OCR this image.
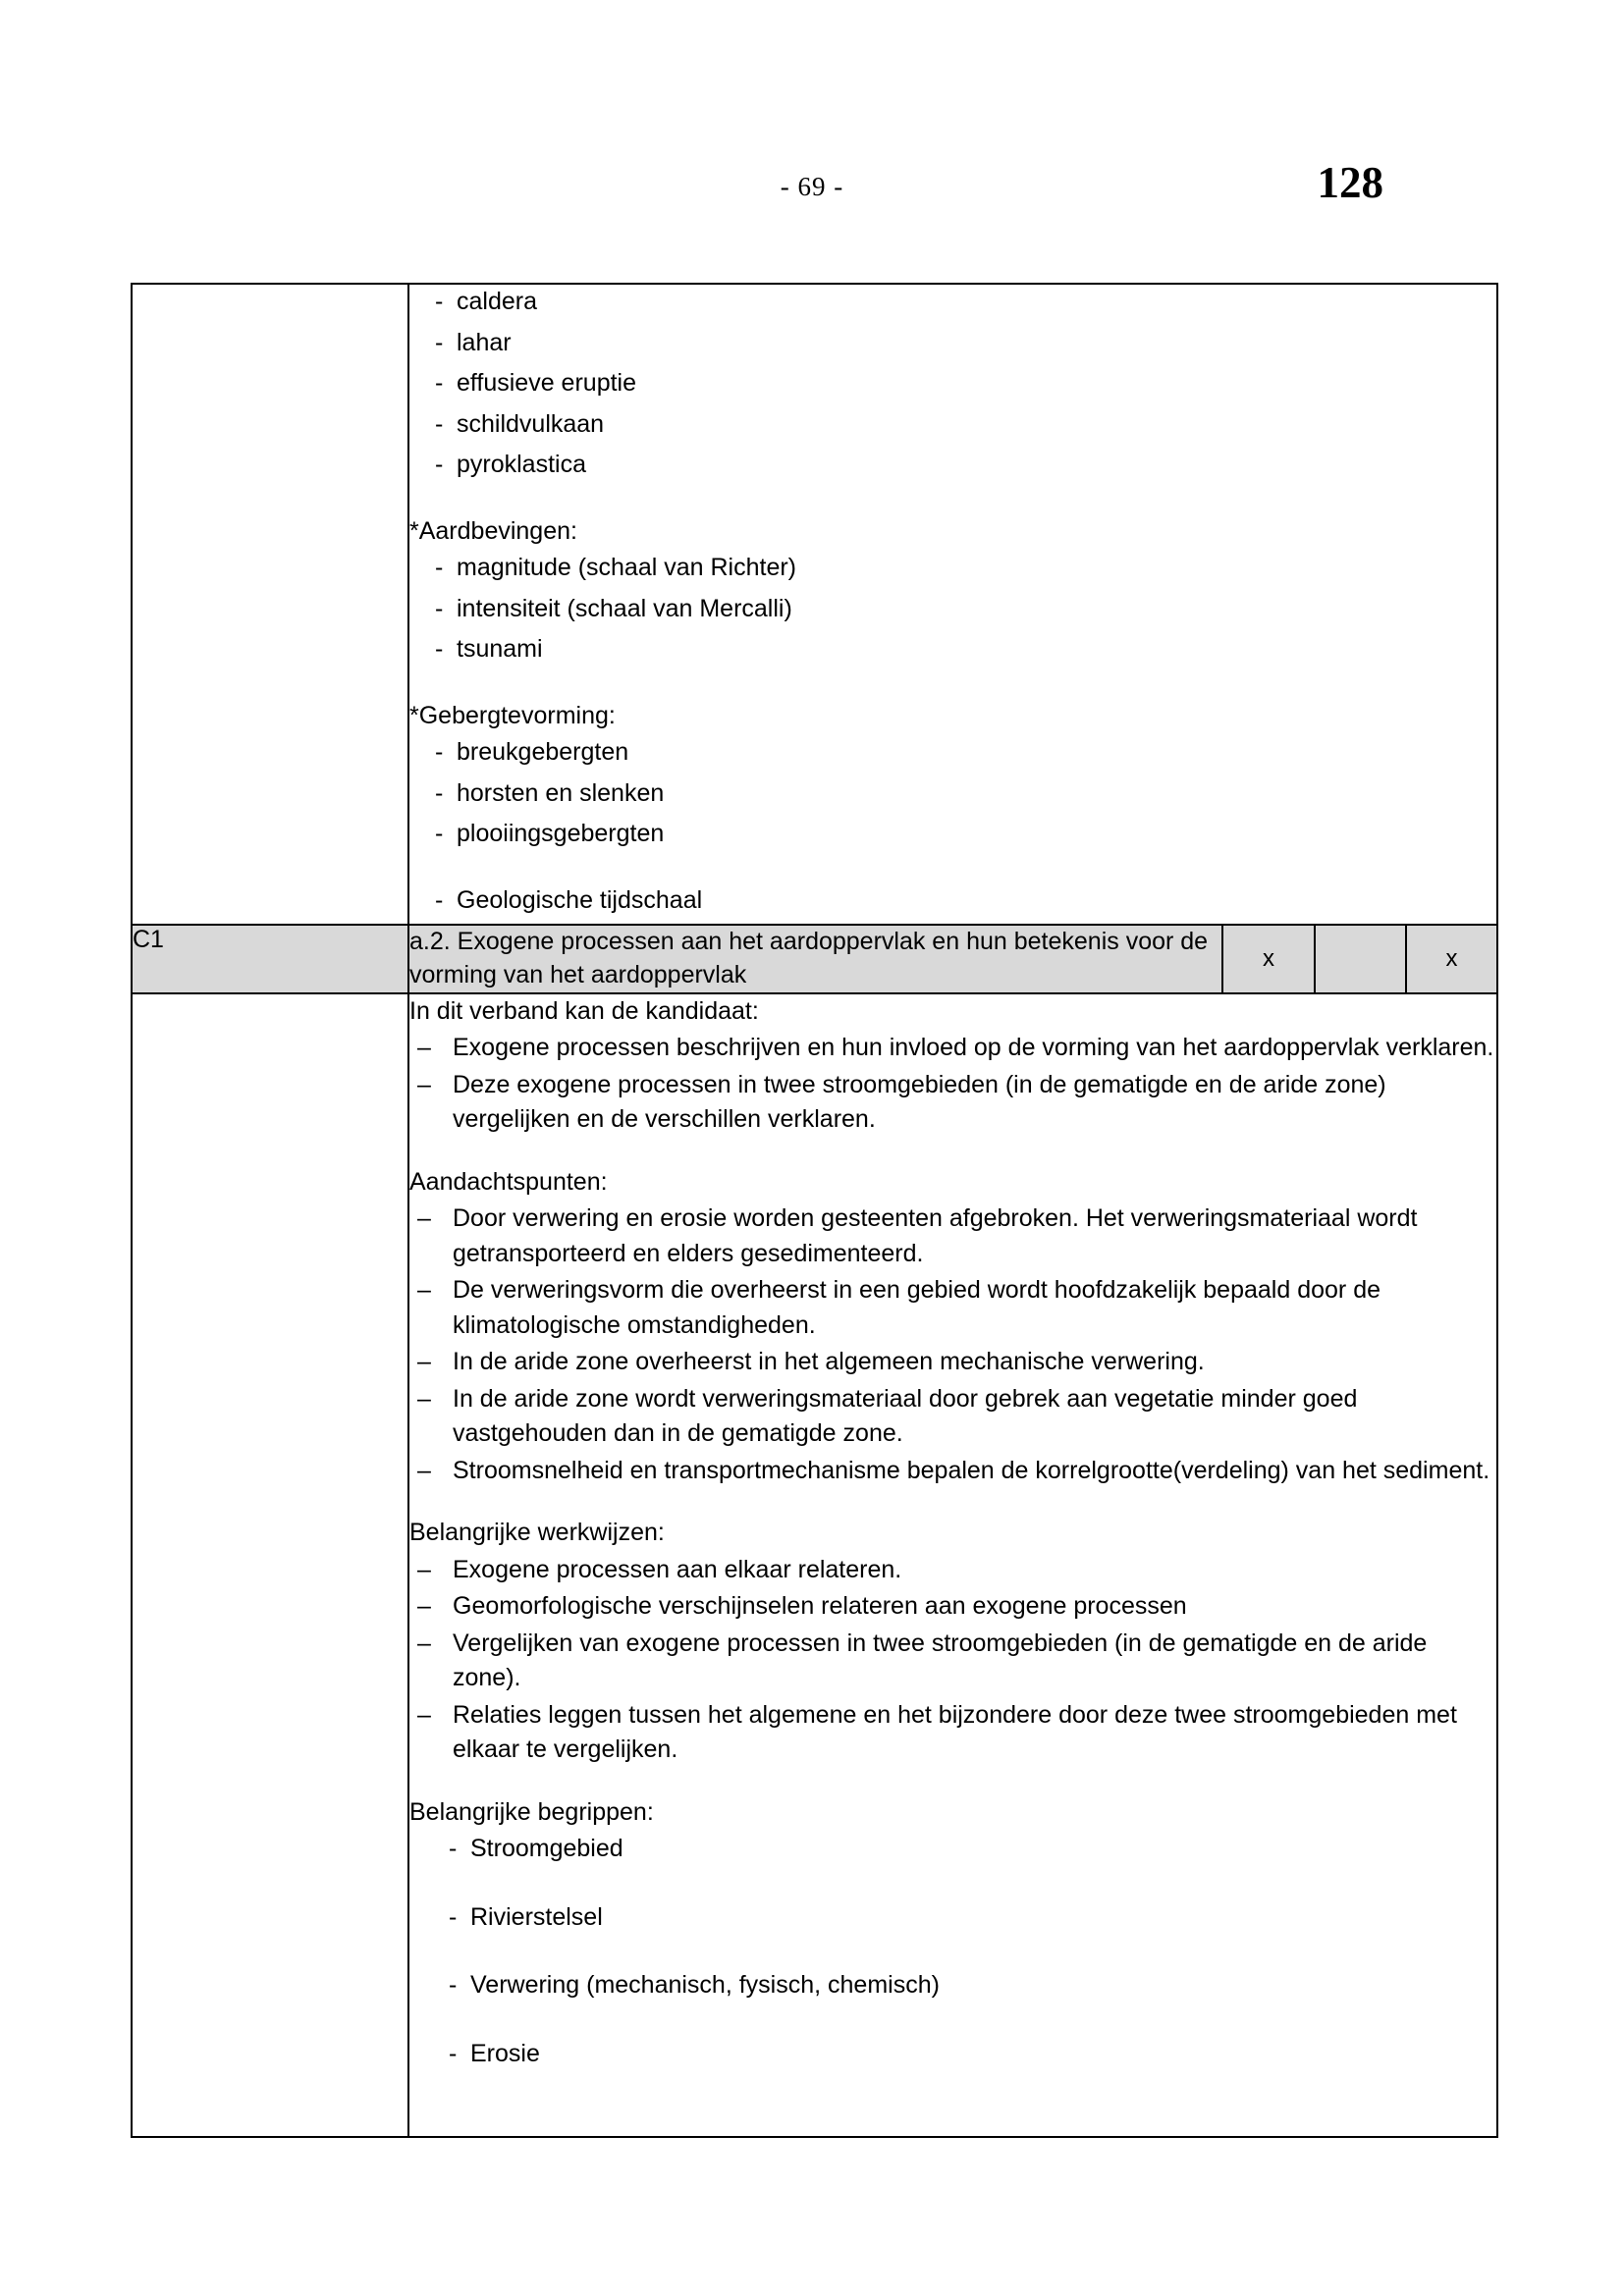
- 69 -	128

- caldera
- lahar
- effusieve eruptie
- schildvulkaan
- pyroklastica
*Aardbevingen:
- magnitude (schaal van Richter)
- intensiteit (schaal van Mercalli)
- tsunami
*Gebergtevorming:
- breukgebergten
- horsten en slenken
- plooiingsgebergten
- Geologische tijdschaal

C1	a.2. Exogene processen aan het aardoppervlak en hun betekenis voor de vorming van het aardoppervlak	x		x

In dit verband kan de kandidaat:
– Exogene processen beschrijven en hun invloed op de vorming van het aardoppervlak verklaren.
– Deze exogene processen in twee stroomgebieden (in de gematigde en de aride zone) vergelijken en de verschillen verklaren.
Aandachtspunten:
– Door verwering en erosie worden gesteenten afgebroken. Het verweringsmateriaal wordt getransporteerd en elders gesedimenteerd.
– De verweringsvorm die overheerst in een gebied wordt hoofdzakelijk bepaald door de klimatologische omstandigheden.
– In de aride zone overheerst in het algemeen mechanische verwering.
– In de aride zone wordt verweringsmateriaal door gebrek aan vegetatie minder goed vastgehouden dan in de gematigde zone.
– Stroomsnelheid en transportmechanisme bepalen de korrelgrootte(verdeling) van het sediment.
Belangrijke werkwijzen:
– Exogene processen aan elkaar relateren.
– Geomorfologische verschijnselen relateren aan exogene processen
– Vergelijken van exogene processen in twee stroomgebieden (in de gematigde en de aride zone).
– Relaties leggen tussen het algemene en het bijzondere door deze twee stroomgebieden met elkaar te vergelijken.
Belangrijke begrippen:
- Stroomgebied
- Rivierstelsel
- Verwering (mechanisch, fysisch, chemisch)
- Erosie
